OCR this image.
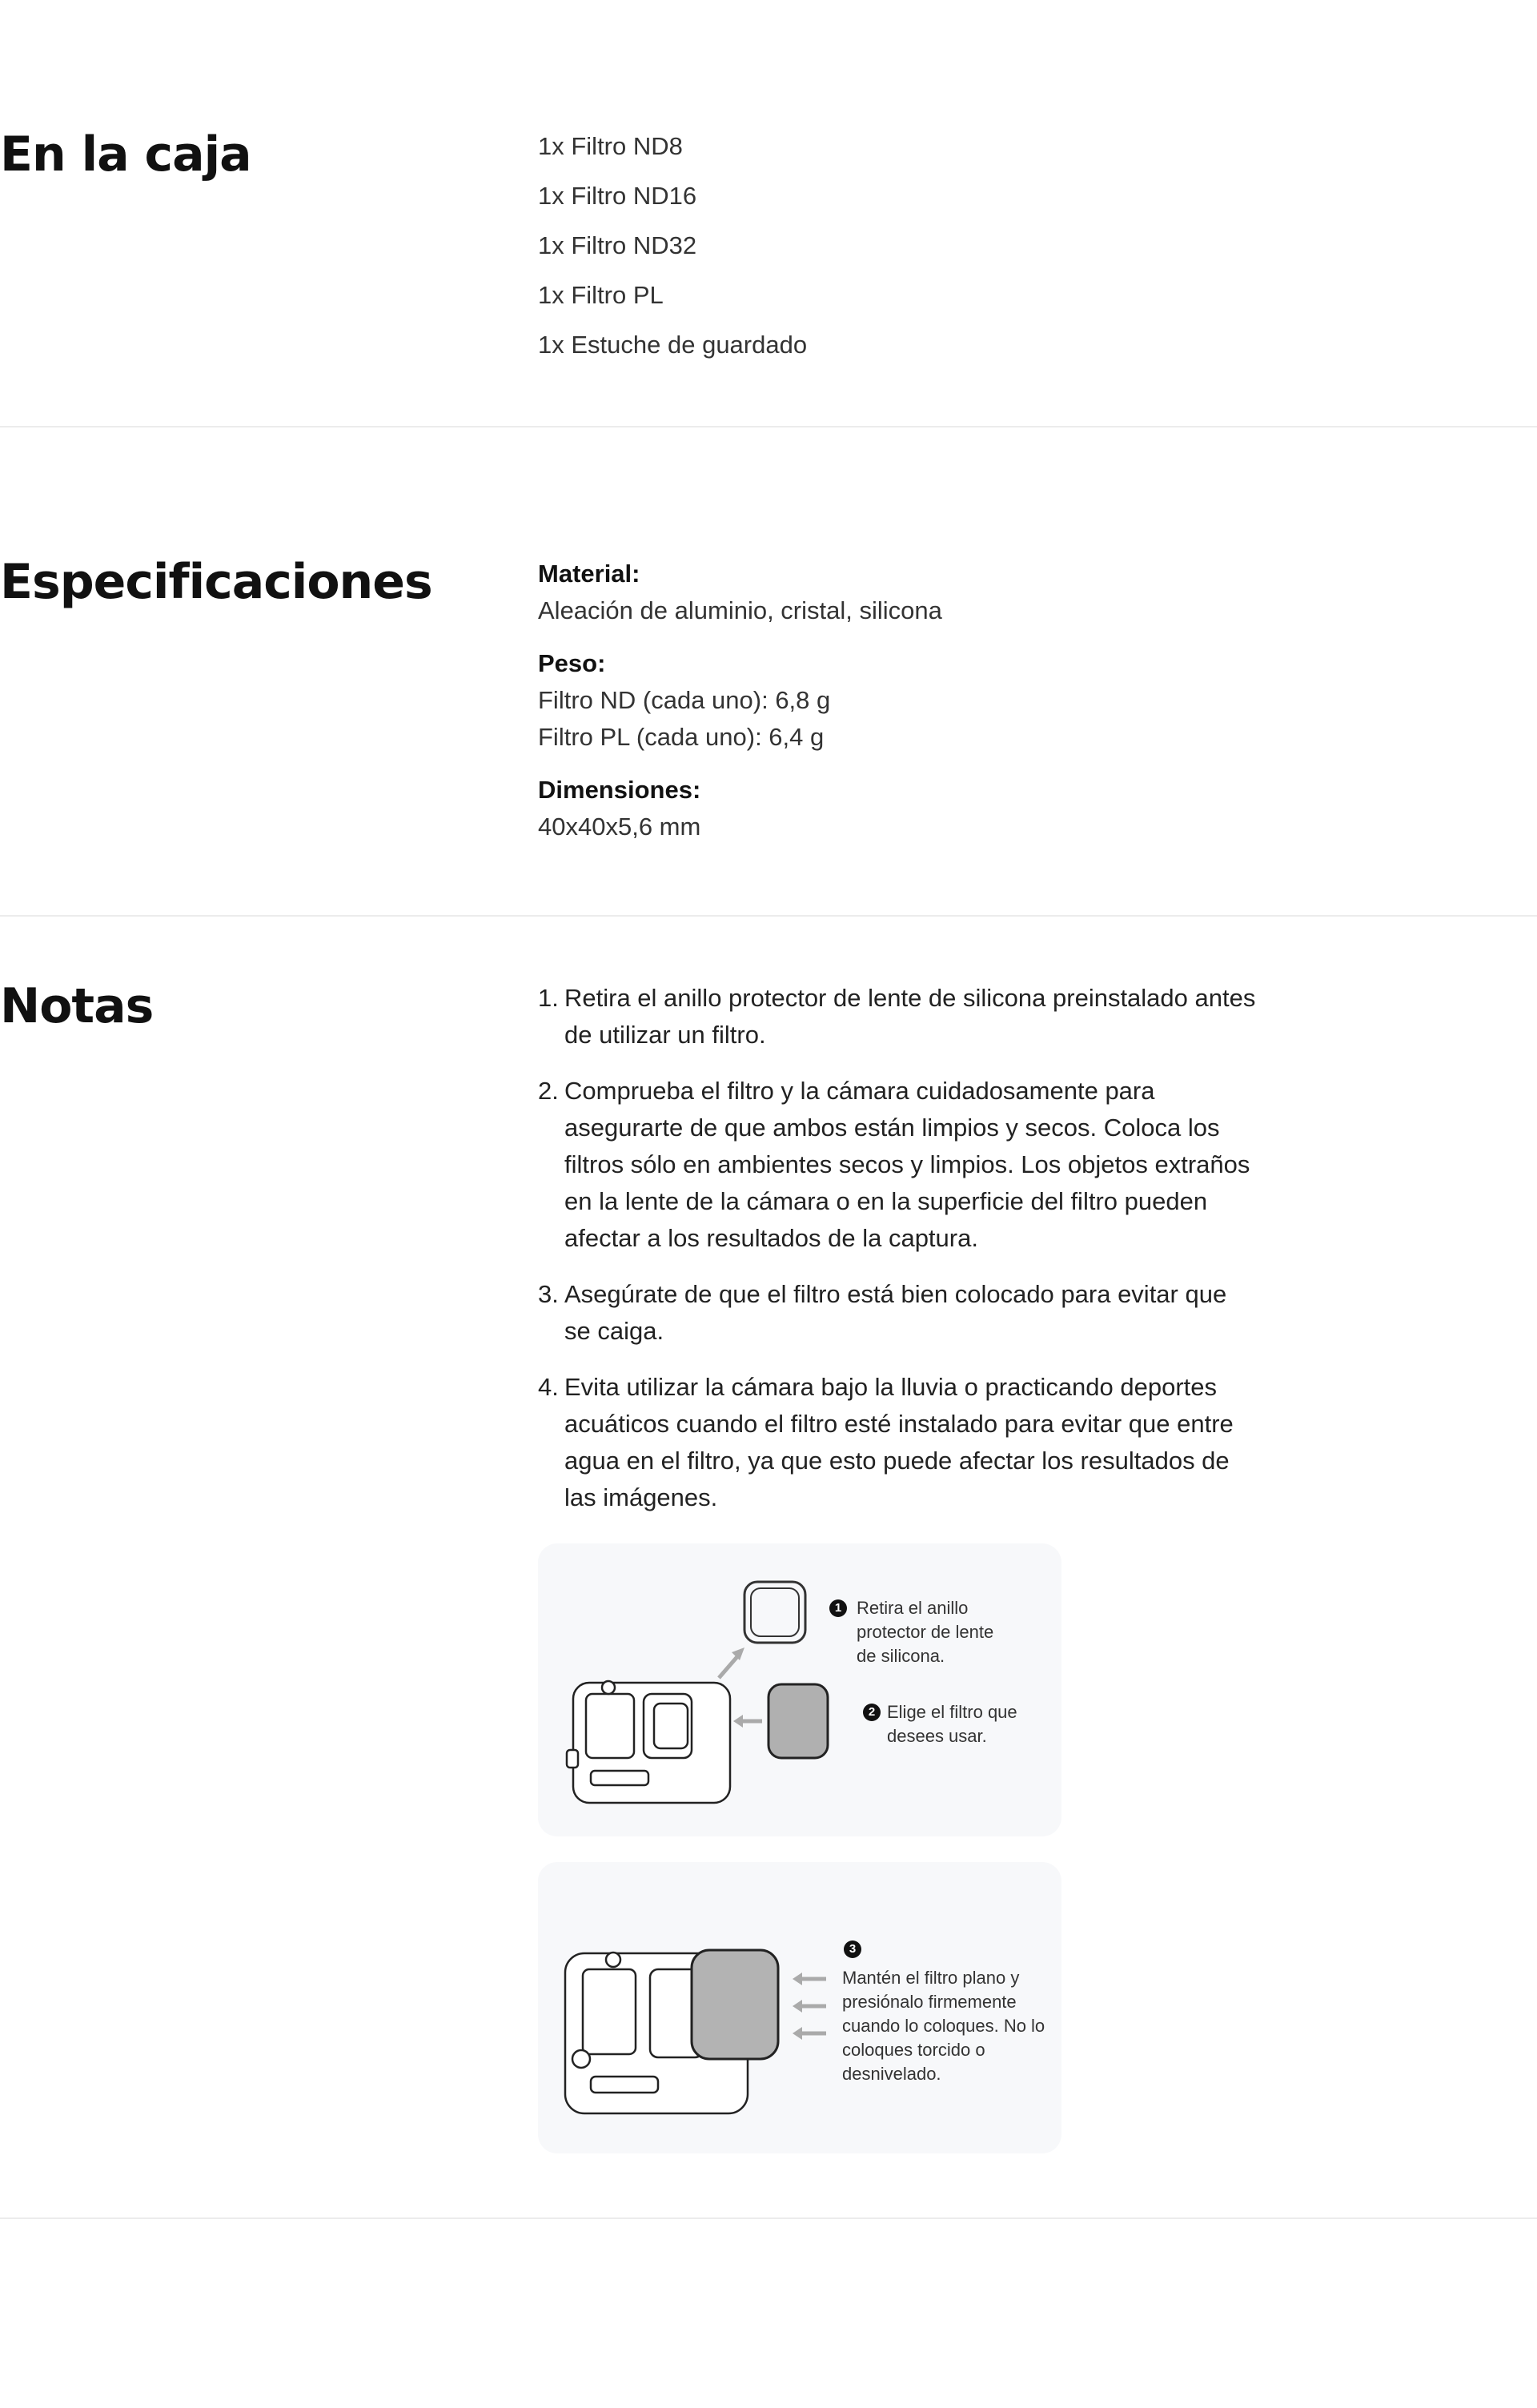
En la caja	1x Filtro ND8
1x Filtro ND16
1x Filtro ND32
1x Filtro PL
1x Estuche de guardado
Especificaciones	Material:
Aleación de aluminio, cristal, silicona
Peso:
Filtro ND (cada uno): 6,8 g
Filtro PL (cada uno): 6,4 g
Dimensiones:
40x40x5,6 mm
Notas	1. Retira el anillo protector de lente de silicona preinstalado antes de utilizar un filtro.
2. Comprueba el filtro y la cámara cuidadosamente para asegurarte de que ambos están limpios y secos. Coloca los filtros sólo en ambientes secos y limpios. Los objetos extraños en la lente de la cámara o en la superficie del filtro pueden afectar a los resultados de la captura.
3. Asegúrate de que el filtro está bien colocado para evitar que se caiga.
4. Evita utilizar la cámara bajo la lluvia o practicando deportes acuáticos cuando el filtro esté instalado para evitar que entre agua en el filtro, ya que esto puede afectar los resultados de las imágenes.
1 Retira el anillo protector de lente de silicona.
2 Elige el filtro que desees usar.
3
Mantén el filtro plano y presiónalo firmemente cuando lo coloques. No lo coloques torcido o desnivelado.
